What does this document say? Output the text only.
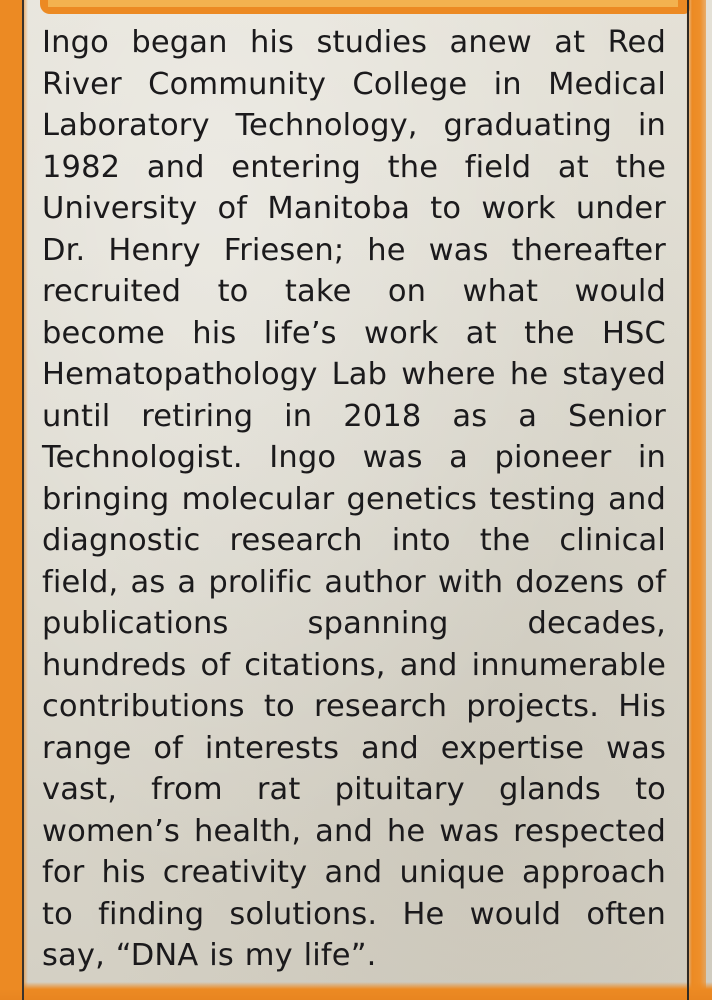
Ingo began his studies anew at Red River Community College in Medical Laboratory Technology, graduating in 1982 and entering the field at the University of Manitoba to work under Dr. Henry Friesen; he was thereafter recruited to take on what would become his life’s work at the HSC Hematopathology Lab where he stayed until retiring in 2018 as a Senior Technologist. Ingo was a pioneer in bringing molecular genetics testing and diagnostic research into the clinical field, as a prolific author with dozens of publications spanning decades, hundreds of citations, and innumerable contributions to research projects. His range of interests and expertise was vast, from rat pituitary glands to women’s health, and he was respected for his creativity and unique approach to finding solutions. He would often say, “DNA is my life”.
